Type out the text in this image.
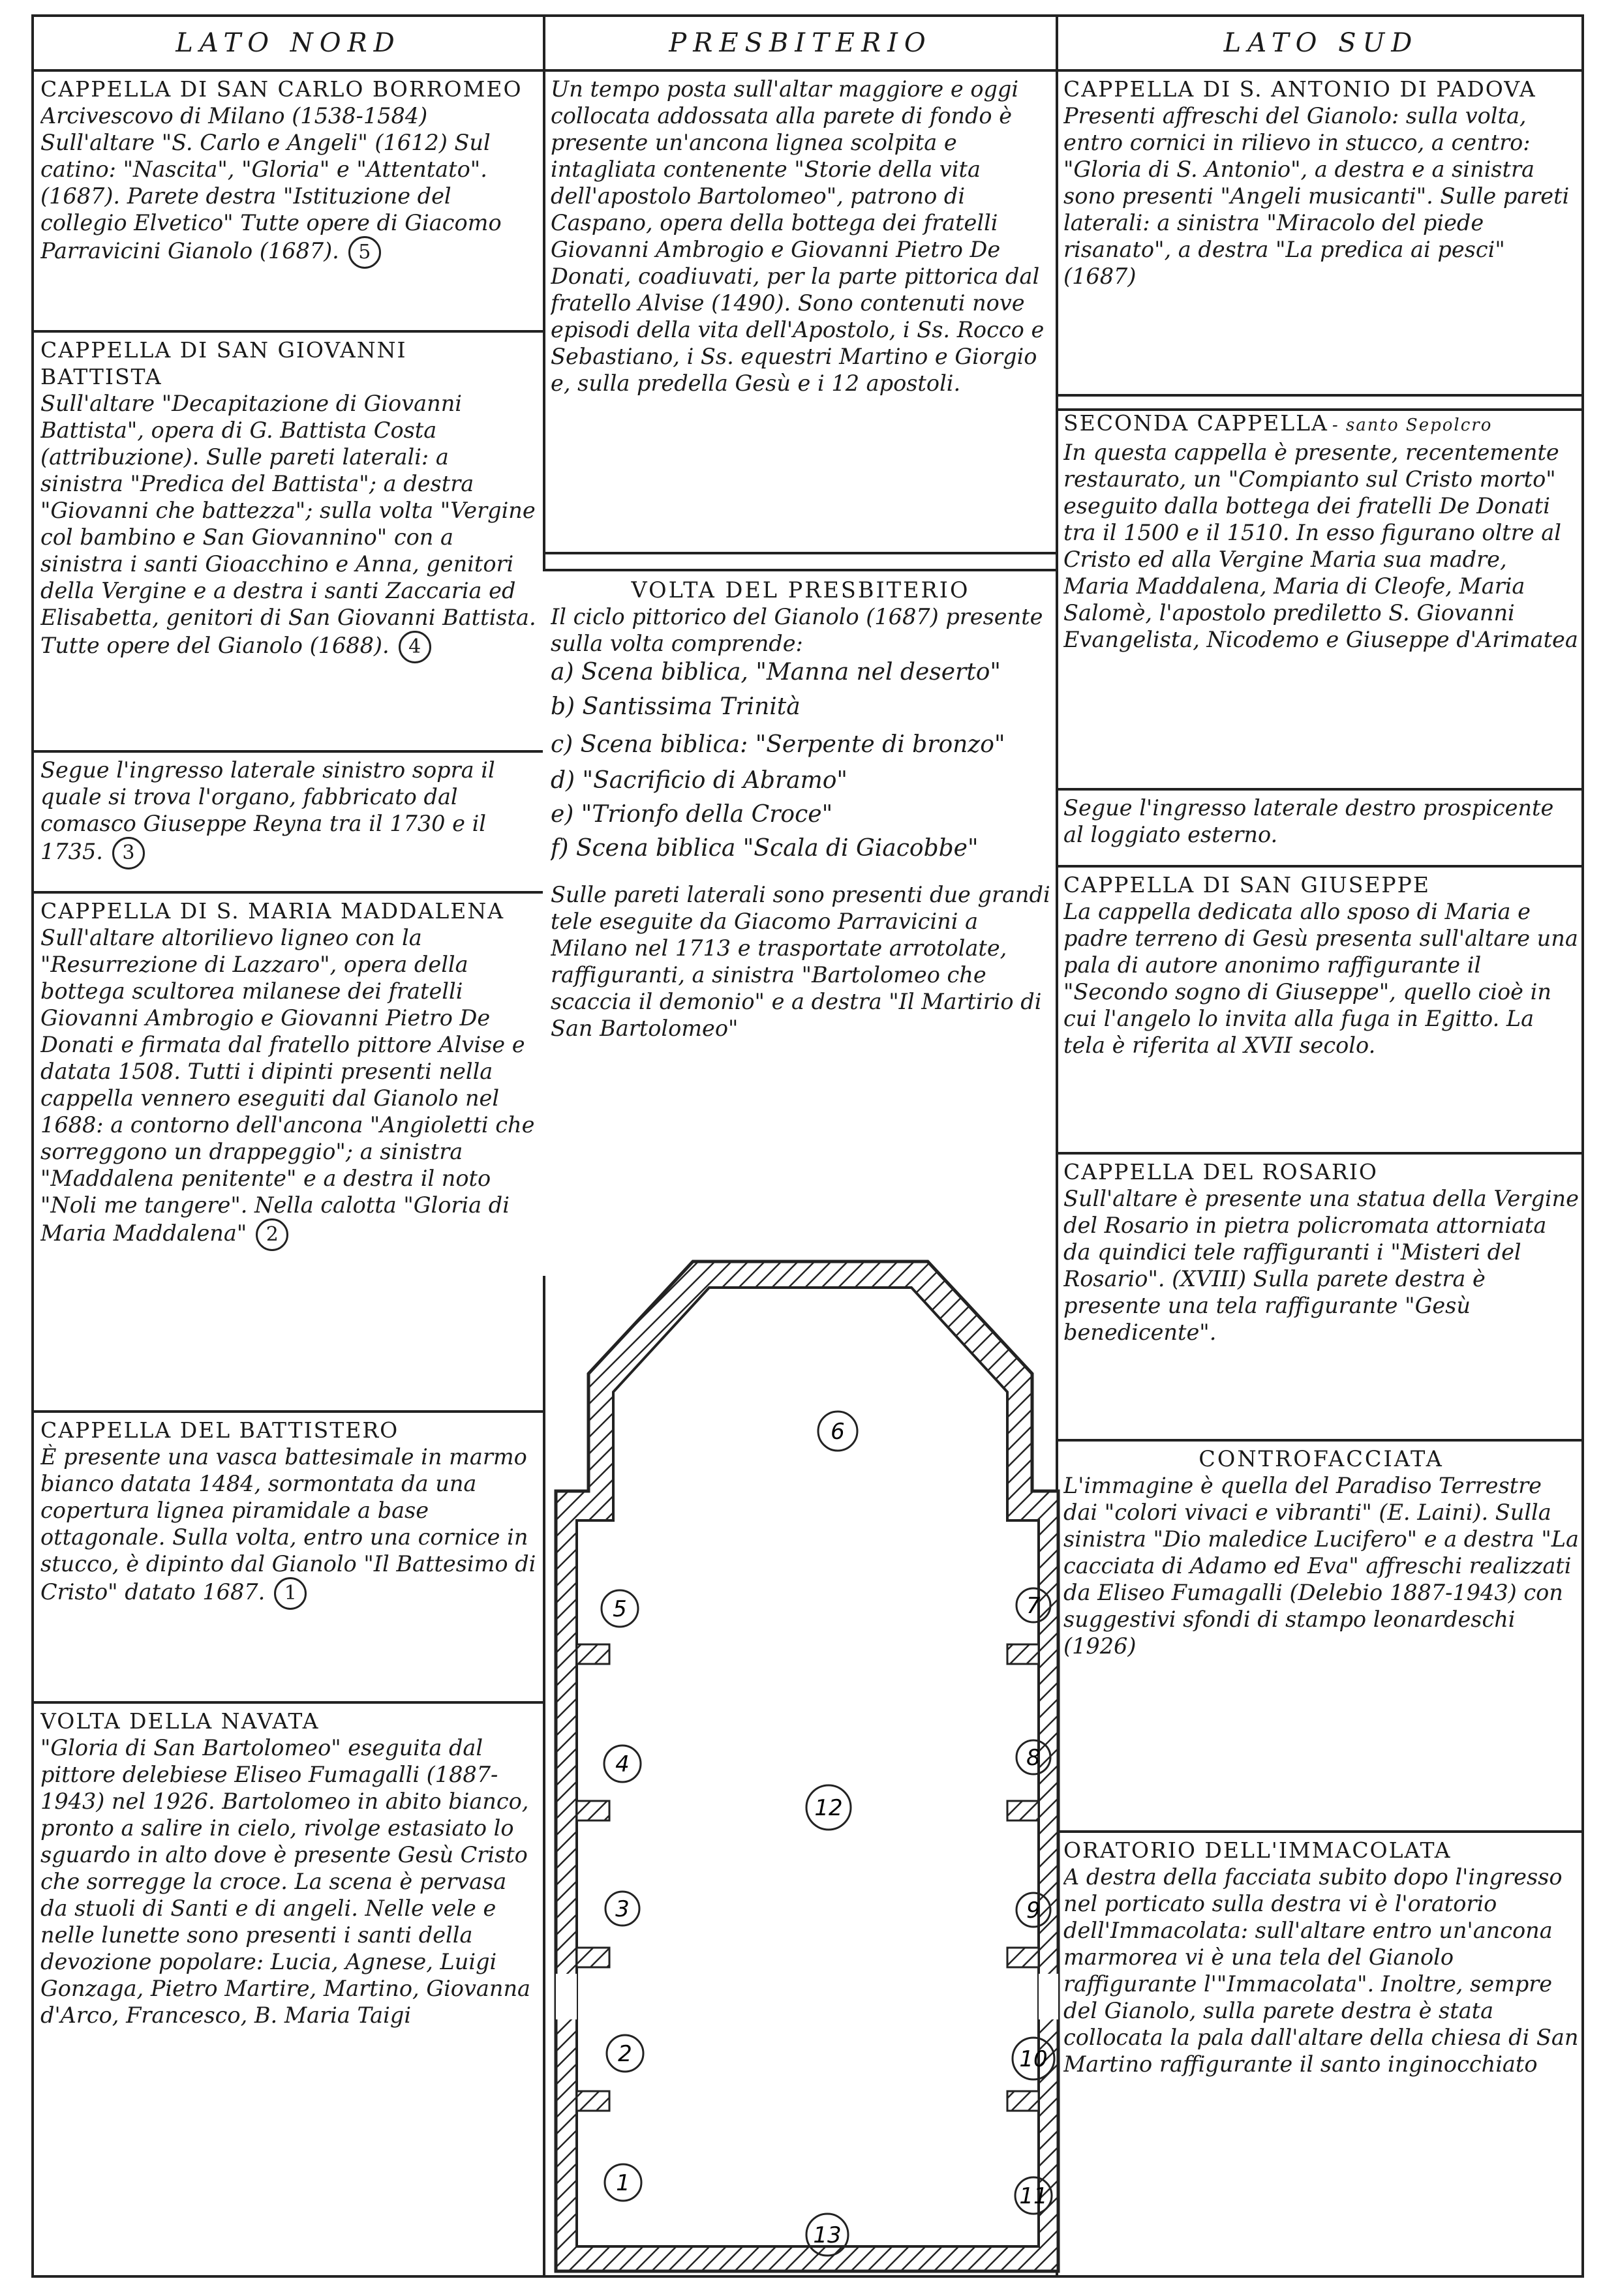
LATO NORD	PRESBITERIO	LATO SUD
CAPPELLA DI SAN CARLO BORROMEO
Arcivescovo di Milano (1538-1584) Sull'altare "S. Carlo e Angeli" (1612) Sul catino: "Nascita", "Gloria" e "Attentato". (1687). Parete destra "Istituzione del collegio Elvetico" Tutte opere di Giacomo Parravicini Gianolo (1687). 5
CAPPELLA DI SAN GIOVANNI BATTISTA
Sull'altare "Decapitazione di Giovanni Battista", opera di G. Battista Costa (attribuzione). Sulle pareti laterali: a sinistra "Predica del Battista"; a destra "Giovanni che battezza"; sulla volta "Vergine col bambino e San Giovannino" con a sinistra i santi Gioacchino e Anna, genitori della Vergine e a destra i santi Zaccaria ed Elisabetta, genitori di San Giovanni Battista. Tutte opere del Gianolo (1688). 4
Segue l'ingresso laterale sinistro sopra il quale si trova l'organo, fabbricato dal comasco Giuseppe Reyna tra il 1730 e il 1735. 3
CAPPELLA DI S. MARIA MADDALENA
Sull'altare altorilievo ligneo con la "Resurrezione di Lazzaro", opera della bottega scultorea milanese dei fratelli Giovanni Ambrogio e Giovanni Pietro De Donati e firmata dal fratello pittore Alvise e datata 1508. Tutti i dipinti presenti nella cappella vennero eseguiti dal Gianolo nel 1688: a contorno dell'ancona "Angioletti che sorreggono un drappeggio"; a sinistra "Maddalena penitente" e a destra il noto "Noli me tangere". Nella calotta "Gloria di Maria Maddalena" 2
CAPPELLA DEL BATTISTERO
È presente una vasca battesimale in marmo bianco datata 1484, sormontata da una copertura lignea piramidale a base ottagonale. Sulla volta, entro una cornice in stucco, è dipinto dal Gianolo "Il Battesimo di Cristo" datato 1687. 1
VOLTA DELLA NAVATA
"Gloria di San Bartolomeo" eseguita dal pittore delebiese Eliseo Fumagalli (1887-1943) nel 1926. Bartolomeo in abito bianco, pronto a salire in cielo, rivolge estasiato lo sguardo in alto dove è presente Gesù Cristo che sorregge la croce. La scena è pervasa da stuoli di Santi e di angeli. Nelle vele e nelle lunette sono presenti i santi della devozione popolare: Lucia, Agnese, Luigi Gonzaga, Pietro Martire, Martino, Giovanna d'Arco, Francesco, B. Maria Taigi
Un tempo posta sull'altar maggiore e oggi collocata addossata alla parete di fondo è presente un'ancona lignea scolpita e intagliata contenente "Storie della vita dell'apostolo Bartolomeo", patrono di Caspano, opera della bottega dei fratelli Giovanni Ambrogio e Giovanni Pietro De Donati, coadiuvati, per la parte pittorica dal fratello Alvise (1490). Sono contenuti nove episodi della vita dell'Apostolo, i Ss. Rocco e Sebastiano, i Ss. equestri Martino e Giorgio e, sulla predella Gesù e i 12 apostoli.
VOLTA DEL PRESBITERIO

Il ciclo pittorico del Gianolo (1687) presente sulla volta comprende:

a) Scena biblica, "Manna nel deserto"

b) Santissima Trinità

c) Scena biblica: "Serpente di bronzo"

d) "Sacrificio di Abramo"

e) "Trionfo della Croce"

f) Scena biblica "Scala di Giacobbe"

Sulle pareti laterali sono presenti due grandi tele eseguite da Giacomo Parravicini a Milano nel 1713 e trasportate arrotolate, raffiguranti, a sinistra "Bartolomeo che scaccia il demonio" e a destra "Il Martirio di San Bartolomeo"

6
5	7
4	8
12
3	9
2	10
1	11
13
CAPPELLA DI S. ANTONIO DI PADOVA
Presenti affreschi del Gianolo: sulla volta, entro cornici in rilievo in stucco, a centro: "Gloria di S. Antonio", a destra e a sinistra sono presenti "Angeli musicanti". Sulle pareti laterali: a sinistra "Miracolo del piede risanato", a destra "La predica ai pesci" (1687)
SECONDA CAPPELLA - santo Sepolcro
In questa cappella è presente, recentemente restaurato, un "Compianto sul Cristo morto" eseguito dalla bottega dei fratelli De Donati tra il 1500 e il 1510. In esso figurano oltre al Cristo ed alla Vergine Maria sua madre, Maria Maddalena, Maria di Cleofe, Maria Salomè, l'apostolo prediletto S. Giovanni Evangelista, Nicodemo e Giuseppe d'Arimatea
Segue l'ingresso laterale destro prospicente al loggiato esterno.
CAPPELLA DI SAN GIUSEPPE
La cappella dedicata allo sposo di Maria e padre terreno di Gesù presenta sull'altare una pala di autore anonimo raffigurante il "Secondo sogno di Giuseppe", quello cioè in cui l'angelo lo invita alla fuga in Egitto. La tela è riferita al XVII secolo.
CAPPELLA DEL ROSARIO
Sull'altare è presente una statua della Vergine del Rosario in pietra policromata attorniata da quindici tele raffiguranti i "Misteri del Rosario". (XVIII) Sulla parete destra è presente una tela raffigurante "Gesù benedicente".
CONTROFACCIATA
L'immagine è quella del Paradiso Terrestre dai "colori vivaci e vibranti" (E. Laini). Sulla sinistra "Dio maledice Lucifero" e a destra "La cacciata di Adamo ed Eva" affreschi realizzati da Eliseo Fumagalli (Delebio 1887-1943) con suggestivi sfondi di stampo leonardeschi (1926)
ORATORIO DELL'IMMACOLATA
A destra della facciata subito dopo l'ingresso nel porticato sulla destra vi è l'oratorio dell'Immacolata: sull'altare entro un'ancona marmorea vi è una tela del Gianolo raffigurante l'"Immacolata". Inoltre, sempre del Gianolo, sulla parete destra è stata collocata la pala dall'altare della chiesa di San Martino raffigurante il santo inginocchiato
